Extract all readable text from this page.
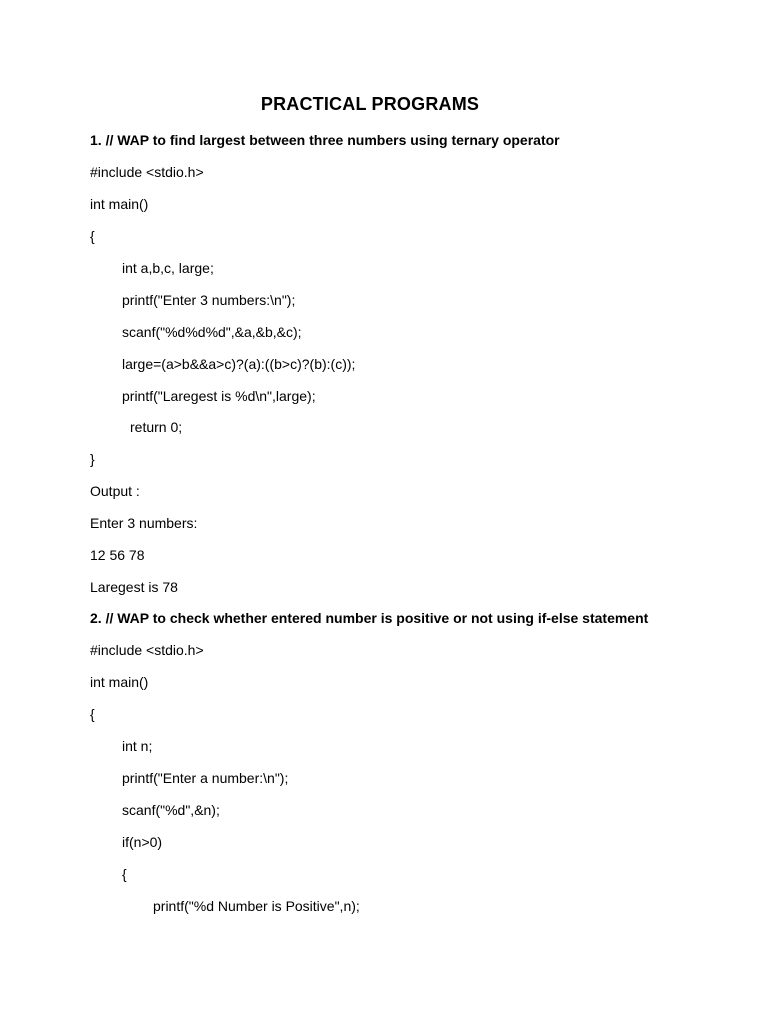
PRACTICAL PROGRAMS
1. // WAP to find largest between three numbers using ternary operator
#include <stdio.h>
int main()
{
int a,b,c, large;
printf("Enter 3 numbers:\n");
scanf("%d%d%d",&a,&b,&c);
large=(a>b&&a>c)?(a):((b>c)?(b):(c));
printf("Laregest is %d\n",large);
return 0;
}
Output :
Enter 3 numbers:
12 56 78
Laregest is 78
2. // WAP to check whether entered number is positive or not using if-else statement
#include <stdio.h>
int main()
{
int n;
printf("Enter a number:\n");
scanf("%d",&n);
if(n>0)
{
printf("%d Number is Positive",n);
